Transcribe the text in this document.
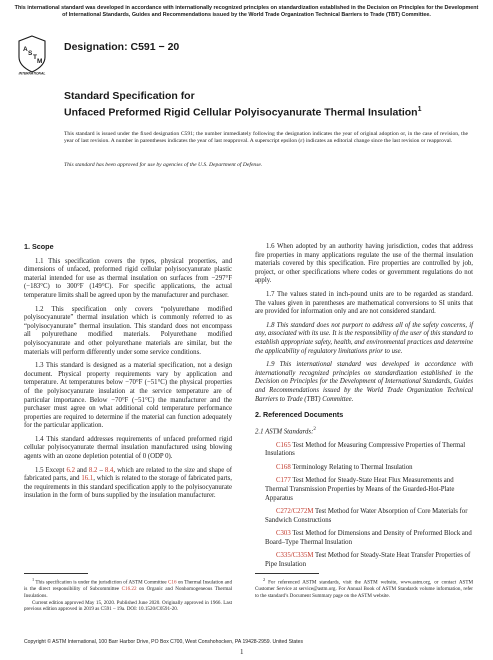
This international standard was developed in accordance with internationally recognized principles on standardization established in the Decision on Principles for the Development of International Standards, Guides and Recommendations issued by the World Trade Organization Technical Barriers to Trade (TBT) Committee.
A
S
T
M
INTERNATIONAL
Designation: C591 − 20
Standard Specification for
Unfaced Preformed Rigid Cellular Polyisocyanurate Thermal Insulation$^1$
This standard is issued under the fixed designation C591; the number immediately following the designation indicates the year of original adoption or, in the case of revision, the year of last revision. A number in parentheses indicates the year of last reapproval. A superscript epsilon (ε) indicates an editorial change since the last revision or reapproval.
This standard has been approved for use by agencies of the U.S. Department of Defense.
1. Scope

1.1 This specification covers the types, physical properties, and dimensions of unfaced, preformed rigid cellular polyisocyanurate plastic material intended for use as thermal insulation on surfaces from −297°F (−183°C) to 300°F (149°C). For specific applications, the actual temperature limits shall be agreed upon by the manufacturer and purchaser.

1.2 This specification only covers “polyurethane modified polyisocyanurate” thermal insulation which is commonly referred to as “polyisocyanurate” thermal insulation. This standard does not encompass all polyurethane modified materials. Polyurethane modified polyisocyanurate and other polyurethane materials are similar, but the materials will perform differently under some service conditions.

1.3 This standard is designed as a material specification, not a design document. Physical property requirements vary by application and temperature. At temperatures below −70°F (−51°C) the physical properties of the polyisocyanurate insulation at the service temperature are of particular importance. Below −70°F (−51°C) the manufacturer and the purchaser must agree on what additional cold temperature performance properties are required to determine if the material can function adequately for the particular application.

1.4 This standard addresses requirements of unfaced preformed rigid cellular polyisocyanurate thermal insulation manufactured using blowing agents with an ozone depletion potential of 0 (ODP 0).

1.5 Except 6.2 and 8.2 – 8.4, which are related to the size and shape of fabricated parts, and 16.1, which is related to the storage of fabricated parts, the requirements in this standard specification apply to the polyisocyanurate insulation in the form of buns supplied by the insulation manufacturer.

1.6 When adopted by an authority having jurisdiction, codes that address fire properties in many applications regulate the use of the thermal insulation materials covered by this specification. Fire properties are controlled by job, project, or other specifications where codes or government regulations do not apply.

1.7 The values stated in inch-pound units are to be regarded as standard. The values given in parentheses are mathematical conversions to SI units that are provided for information only and are not considered standard.

1.8 This standard does not purport to address all of the safety concerns, if any, associated with its use. It is the responsibility of the user of this standard to establish appropriate safety, health, and environmental practices and determine the applicability of regulatory limitations prior to use.

1.9 This international standard was developed in accordance with internationally recognized principles on standardization established in the Decision on Principles for the Development of International Standards, Guides and Recommendations issued by the World Trade Organization Technical Barriers to Trade (TBT) Committee.

2. Referenced Documents

2.1 ASTM Standards:$^2$

C165 Test Method for Measuring Compressive Properties of Thermal Insulations

C168 Terminology Relating to Thermal Insulation

C177 Test Method for Steady-State Heat Flux Measurements and Thermal Transmission Properties by Means of the Guarded-Hot-Plate Apparatus

C272/C272M Test Method for Water Absorption of Core Materials for Sandwich Constructions

C303 Test Method for Dimensions and Density of Preformed Block and Board–Type Thermal Insulation

C335/C335M Test Method for Steady-State Heat Transfer Properties of Pipe Insulation

$^1$ This specification is under the jurisdiction of ASTM Committee C16 on Thermal Insulation and is the direct responsibility of Subcommittee C16.22 on Organic and Nonhomogeneous Thermal Insulations.

Current edition approved May 15, 2020. Published June 2020. Originally approved in 1966. Last previous edition approved in 2019 as C591 – 19a. DOI: 10.1520/C0591-20.

$^2$ For referenced ASTM standards, visit the ASTM website, www.astm.org, or contact ASTM Customer Service at service@astm.org. For Annual Book of ASTM Standards volume information, refer to the standard’s Document Summary page on the ASTM website.

Copyright © ASTM International, 100 Barr Harbor Drive, PO Box C700, West Conshohocken, PA 19428-2959. United States
1
